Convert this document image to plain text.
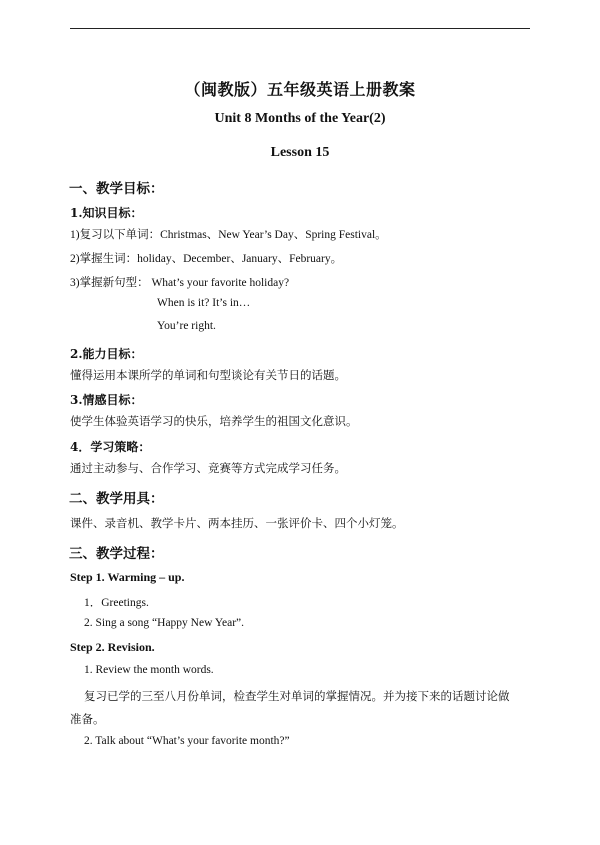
（闽教版）五年级英语上册教案
Unit 8 Months of the Year(2)
Lesson 15
一、教学目标：
1.知识目标：
1)复习以下单词：Christmas、New Year’s Day、Spring Festival。
2)掌握生词：holiday、December、January、February。
3)掌握新句型： What’s your favorite holiday?
When is it? It’s in…
You’re right.
2.能力目标：
懂得运用本课所学的单词和句型谈论有关节日的话题。
3.情感目标：
使学生体验英语学习的快乐，培养学生的祖国文化意识。
4．学习策略：
通过主动参与、合作学习、竞赛等方式完成学习任务。
二、教学用具：
课件、录音机、教学卡片、两本挂历、一张评价卡、四个小灯笼。
三、教学过程：
Step 1. Warming – up.
1．Greetings.
2. Sing a song “Happy New Year”.
Step 2. Revision.
1. Review the month words.
复习已学的三至八月份单词，检查学生对单词的掌握情况。并为接下来的话题讨论做
准备。
2. Talk about “What’s your favorite month?”
